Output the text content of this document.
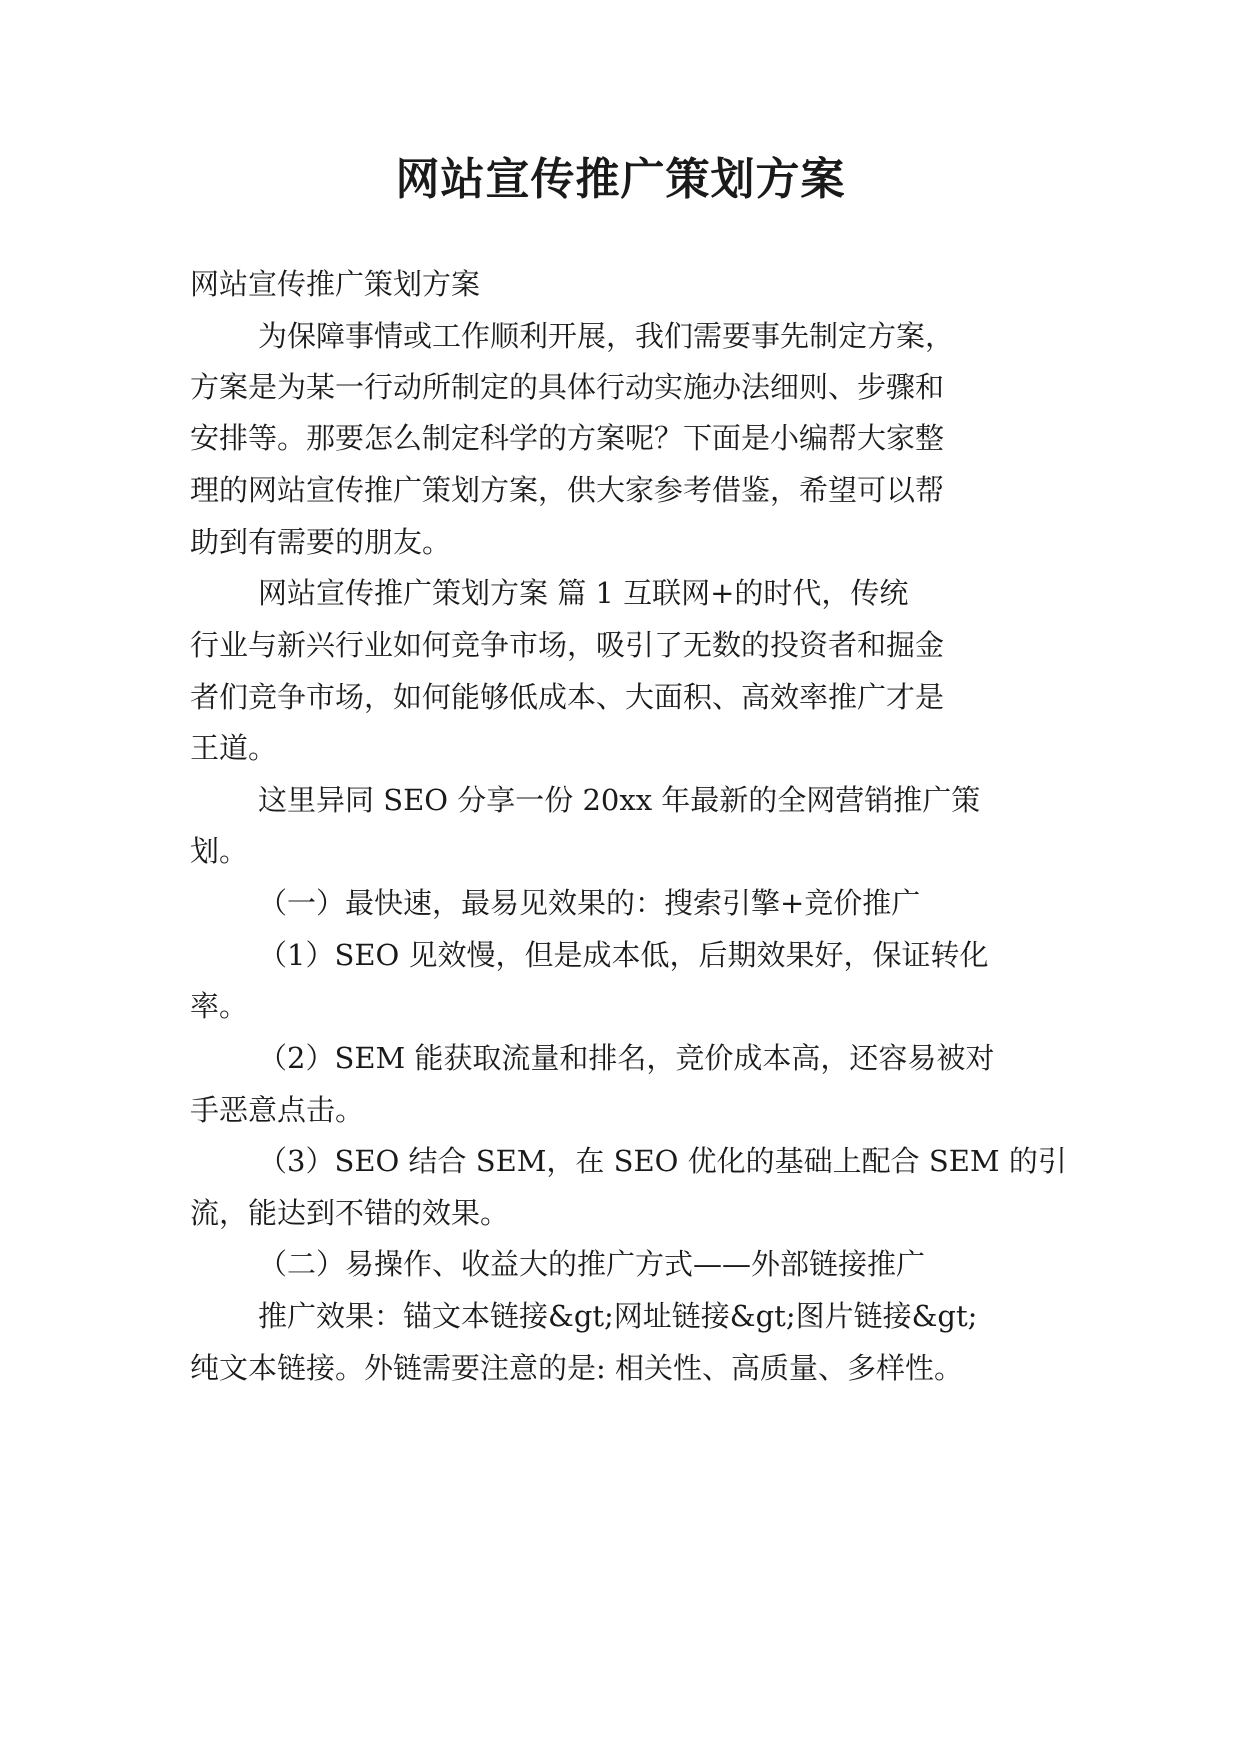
网站宣传推广策划方案
网站宣传推广策划方案
为保障事情或工作顺利开展，我们需要事先制定方案，
方案是为某一行动所制定的具体行动实施办法细则、步骤和
安排等。那要怎么制定科学的方案呢？下面是小编帮大家整
理的网站宣传推广策划方案，供大家参考借鉴，希望可以帮
助到有需要的朋友。
网站宣传推广策划方案 篇 1 互联网+的时代，传统
行业与新兴行业如何竞争市场，吸引了无数的投资者和掘金
者们竞争市场，如何能够低成本、大面积、高效率推广才是
王道。
这里异同 SEO 分享一份 20xx 年最新的全网营销推广策
划。
（一）最快速，最易见效果的：搜索引擎+竞价推广
（1）SEO 见效慢，但是成本低，后期效果好，保证转化
率。
（2）SEM 能获取流量和排名，竞价成本高，还容易被对
手恶意点击。
（3）SEO 结合 SEM，在 SEO 优化的基础上配合 SEM 的引
流，能达到不错的效果。
（二）易操作、收益大的推广方式——外部链接推广
推广效果：锚文本链接&gt;网址链接&gt;图片链接&gt;
纯文本链接。外链需要注意的是: 相关性、高质量、多样性。
